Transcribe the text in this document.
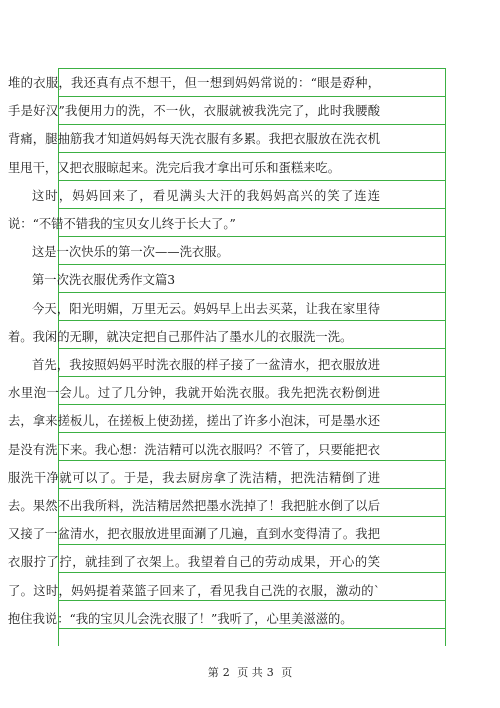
堆的衣服，我还真有点不想干，但一想到妈妈常说的：“眼是孬种，手是好汉”我便用力的洗，不一伙，衣服就被我洗完了，此时我腰酸背痛，腿抽筋我才知道妈妈每天洗衣服有多累。我把衣服放在洗衣机里甩干，又把衣服晾起来。洗完后我才拿出可乐和蛋糕来吃。

这时，妈妈回来了，看见满头大汗的我妈妈高兴的笑了连连说：“不错不错我的宝贝女儿终于长大了。”

这是一次快乐的第一次——洗衣服。

第一次洗衣服优秀作文篇3

今天，阳光明媚，万里无云。妈妈早上出去买菜，让我在家里待着。我闲的无聊，就决定把自己那件沾了墨水儿的衣服洗一洗。

首先，我按照妈妈平时洗衣服的样子接了一盆清水，把衣服放进水里泡一会儿。过了几分钟，我就开始洗衣服。我先把洗衣粉倒进去，拿来搓板儿，在搓板上使劲搓，搓出了许多小泡沫，可是墨水还是没有洗下来。我心想：洗洁精可以洗衣服吗？不管了，只要能把衣服洗干净就可以了。于是，我去厨房拿了洗洁精，把洗洁精倒了进去。果然不出我所料，洗洁精居然把墨水洗掉了！我把脏水倒了以后又接了一盆清水，把衣服放进里面涮了几遍，直到水变得清了。我把衣服拧了拧，就挂到了衣架上。我望着自己的劳动成果，开心的笑了。这时，妈妈提着菜篮子回来了，看见我自己洗的衣服，激动的`抱住我说：“我的宝贝儿会洗衣服了！”我听了，心里美滋滋的。

第 2 页 共 3 页
